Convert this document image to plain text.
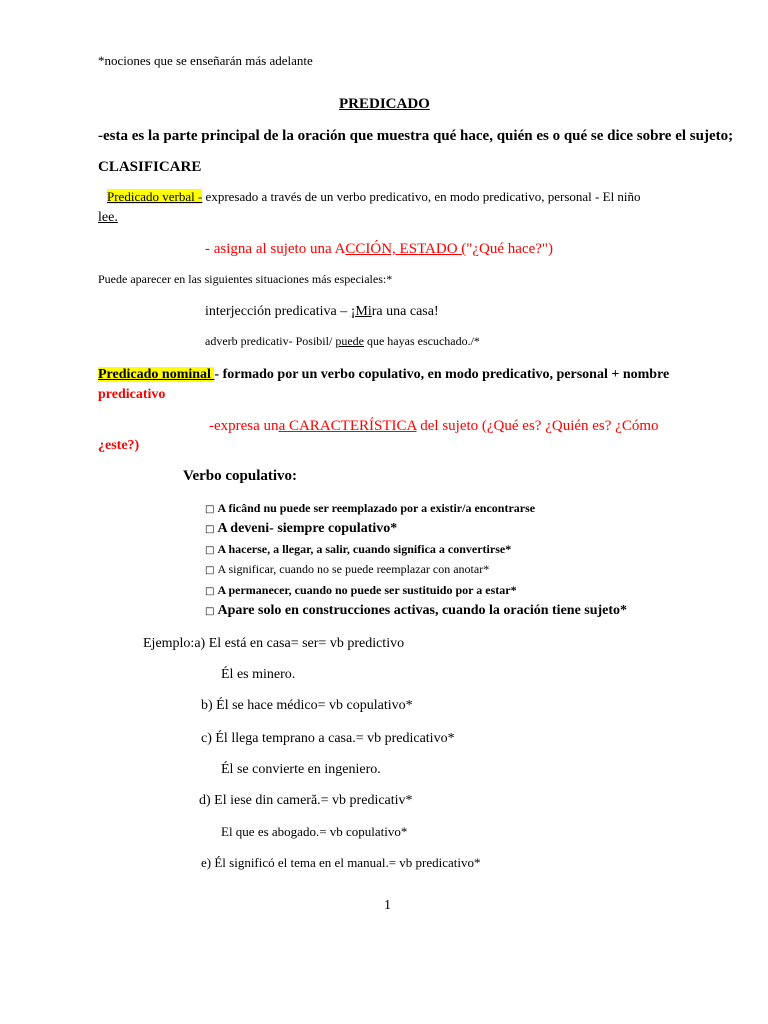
*nociones que se enseñarán más adelante
PREDICADO
-esta es la parte principal de la oración que muestra qué hace, quién es o qué se dice sobre el sujeto;
CLASIFICARE
Predicado verbal - expresado a través de un verbo predicativo, en modo predicativo, personal - El niño
lee.
- asigna al sujeto una ACCIÓN, ESTADO ("¿Qué hace?")
Puede aparecer en las siguientes situaciones más especiales:*
interjección predicativa – ¡Mira una casa!
adverb predicativ- Posibil/ puede que hayas escuchado./*
Predicado nominal - formado por un verbo copulativo, en modo predicativo, personal + nombre
predicativo
-expresa una CARACTERÍSTICA del sujeto (¿Qué es? ¿Quién es? ¿Cómo
¿este?)
Verbo copulativo:
□ A ficând nu puede ser reemplazado por a existir/a encontrarse
□ A deveni- siempre copulativo*
□ A hacerse, a llegar, a salir, cuando significa a convertirse*
□ A significar, cuando no se puede reemplazar con anotar*
□ A permanecer, cuando no puede ser sustituido por a estar*
□ Apare solo en construcciones activas, cuando la oración tiene sujeto*
Ejemplo:a) El está en casa= ser= vb predictivo
Él es minero.
b) Él se hace médico= vb copulativo*
c) Él llega temprano a casa.= vb predicativo*
Él se convierte en ingeniero.
d) El iese din cameră.= vb predicativ*
El que es abogado.= vb copulativo*
e) Él significó el tema en el manual.= vb predicativo*
1
